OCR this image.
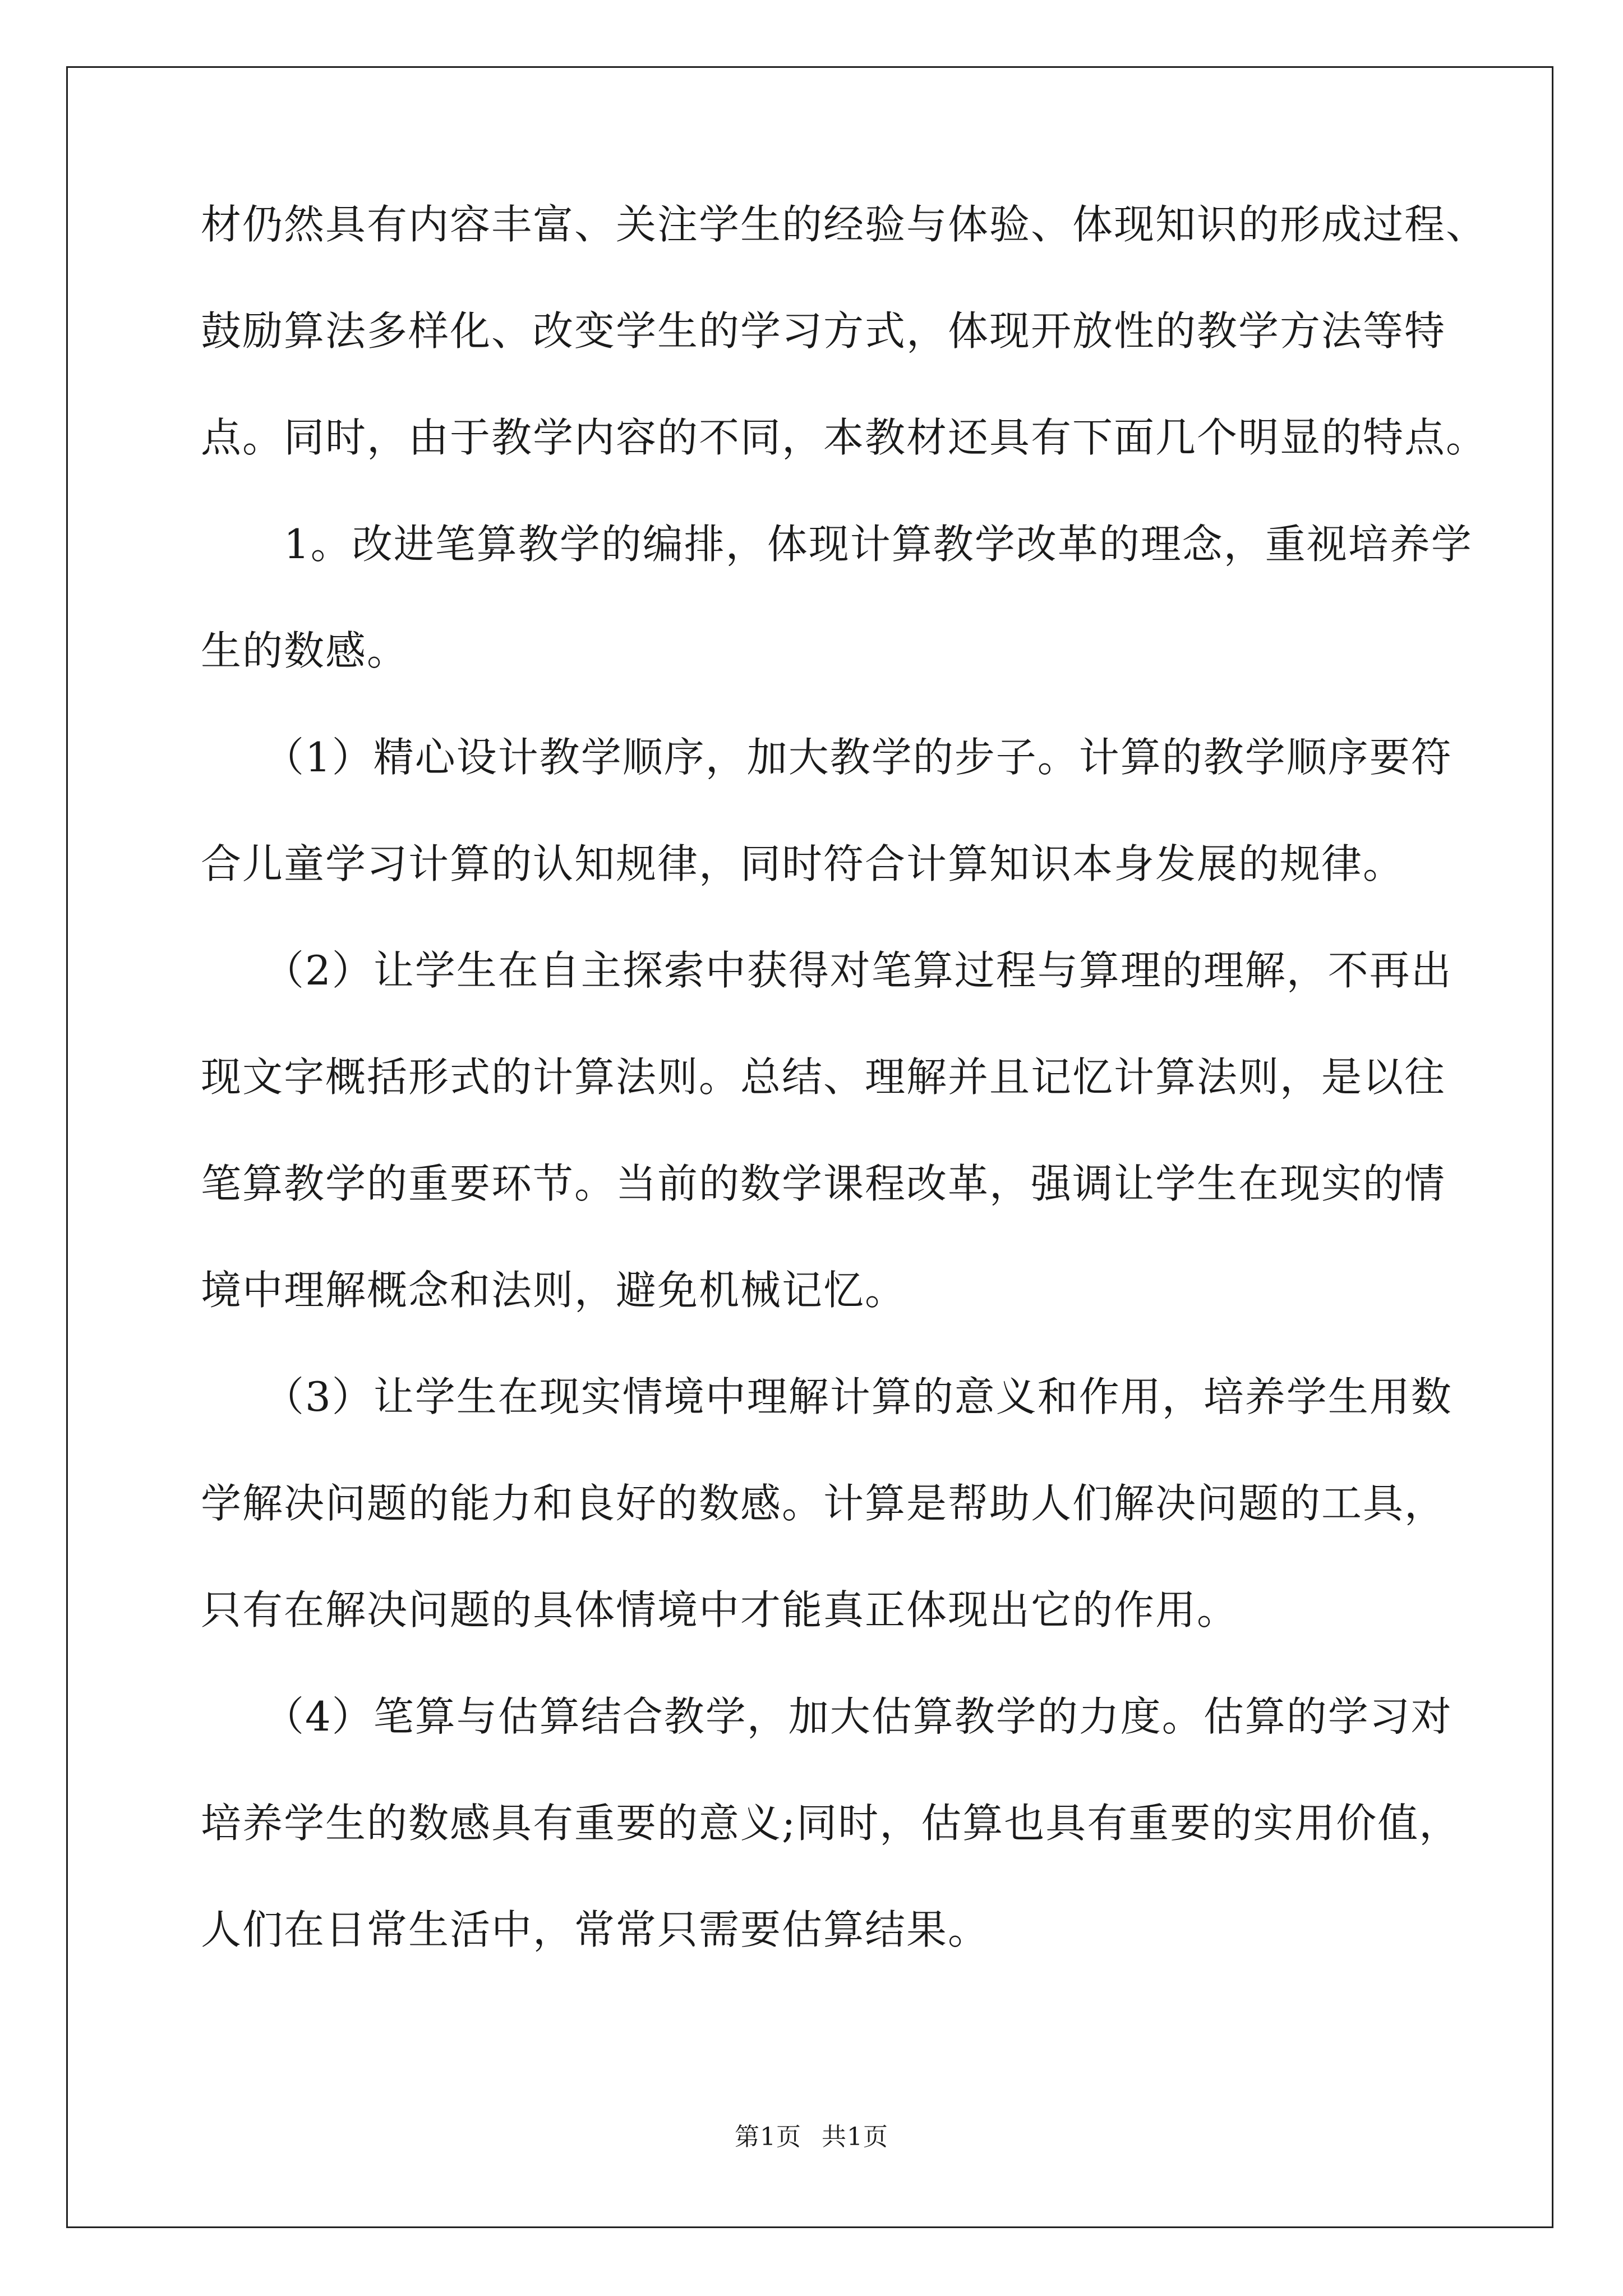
材仍然具有内容丰富、关注学生的经验与体验、体现知识的形成过程、
鼓励算法多样化、改变学生的学习方式，体现开放性的教学方法等特
点。同时，由于教学内容的不同，本教材还具有下面几个明显的特点。
　　1。改进笔算教学的编排，体现计算教学改革的理念，重视培养学
生的数感。
　　（1）精心设计教学顺序，加大教学的步子。计算的教学顺序要符
合儿童学习计算的认知规律，同时符合计算知识本身发展的规律。
　　（2）让学生在自主探索中获得对笔算过程与算理的理解，不再出
现文字概括形式的计算法则。总结、理解并且记忆计算法则，是以往
笔算教学的重要环节。当前的数学课程改革，强调让学生在现实的情
境中理解概念和法则，避免机械记忆。
　　（3）让学生在现实情境中理解计算的意义和作用，培养学生用数
学解决问题的能力和良好的数感。计算是帮助人们解决问题的工具，
只有在解决问题的具体情境中才能真正体现出它的作用。
　　（4）笔算与估算结合教学，加大估算教学的力度。估算的学习对
培养学生的数感具有重要的意义;同时，估算也具有重要的实用价值，
人们在日常生活中，常常只需要估算结果。
第1页 共1页
